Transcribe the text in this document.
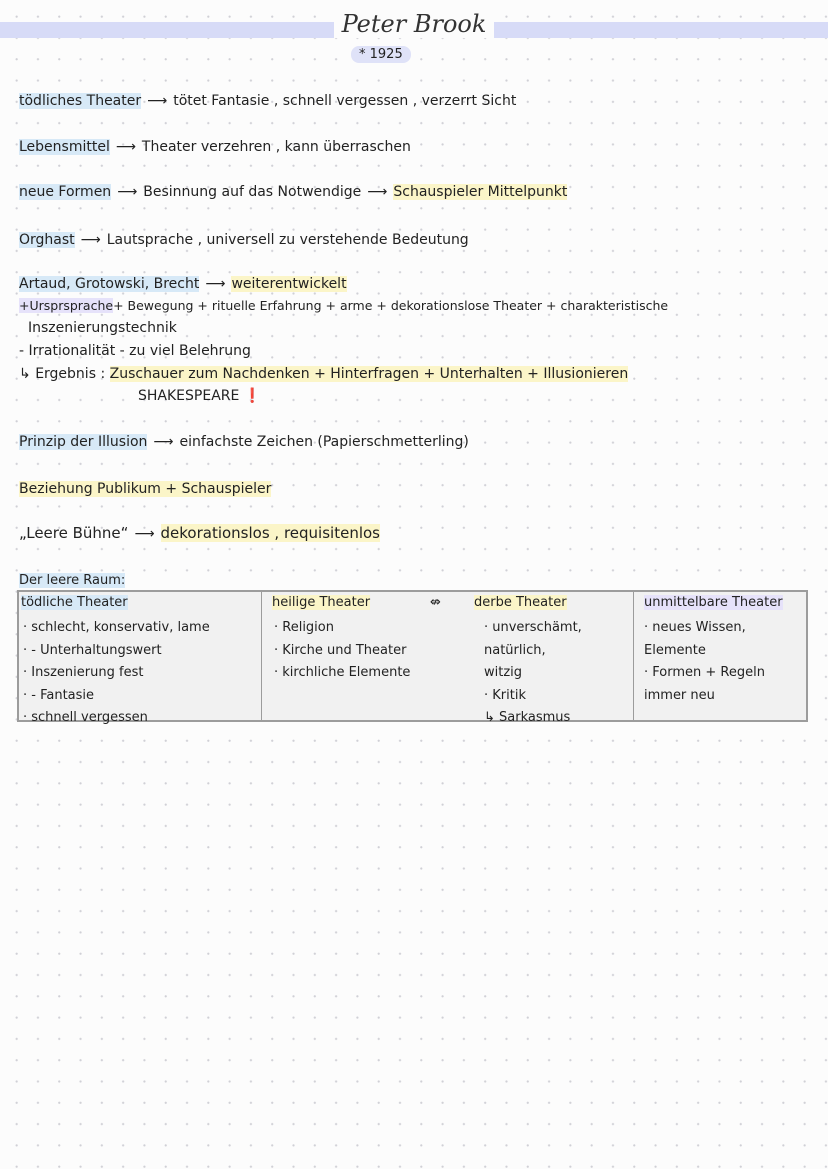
Peter Brook
* 1925
tödliches Theater ⟶ tötet Fantasie , schnell vergessen , verzerrt Sicht
Lebensmittel ⟶ Theater verzehren , kann überraschen
neue Formen ⟶ Besinnung auf das Notwendige ⟶ Schauspieler Mittelpunkt
Orghast ⟶ Lautsprache , universell zu verstehende Bedeutung
Artaud, Grotowski, Brecht ⟶ weiterentwickelt
+Ursprsprache+ Bewegung + rituelle Erfahrung + arme + dekorationslose Theater + charakteristische
Inszenierungstechnik
- Irrationalität - zu viel Belehrung
↳ Ergebnis : Zuschauer zum Nachdenken + Hinterfragen + Unterhalten + Illusionieren
SHAKESPEARE ❗
Prinzip der Illusion ⟶ einfachste Zeichen (Papierschmetterling)
Beziehung Publikum + Schauspieler
„Leere Bühne“ ⟶ dekorationslos , requisitenlos
Der leere Raum:
tödliche Theater
· schlecht, konservativ, lame
· - Unterhaltungswert
· Inszenierung fest
· - Fantasie
· schnell vergessen
heilige Theater
· Religion
· Kirche und Theater
· kirchliche Elemente
⇎	derbe Theater
· unverschämt,
natürlich,
witzig
· Kritik
↳ Sarkasmus
unmittelbare Theater
· neues Wissen,
Elemente
· Formen + Regeln
immer neu
